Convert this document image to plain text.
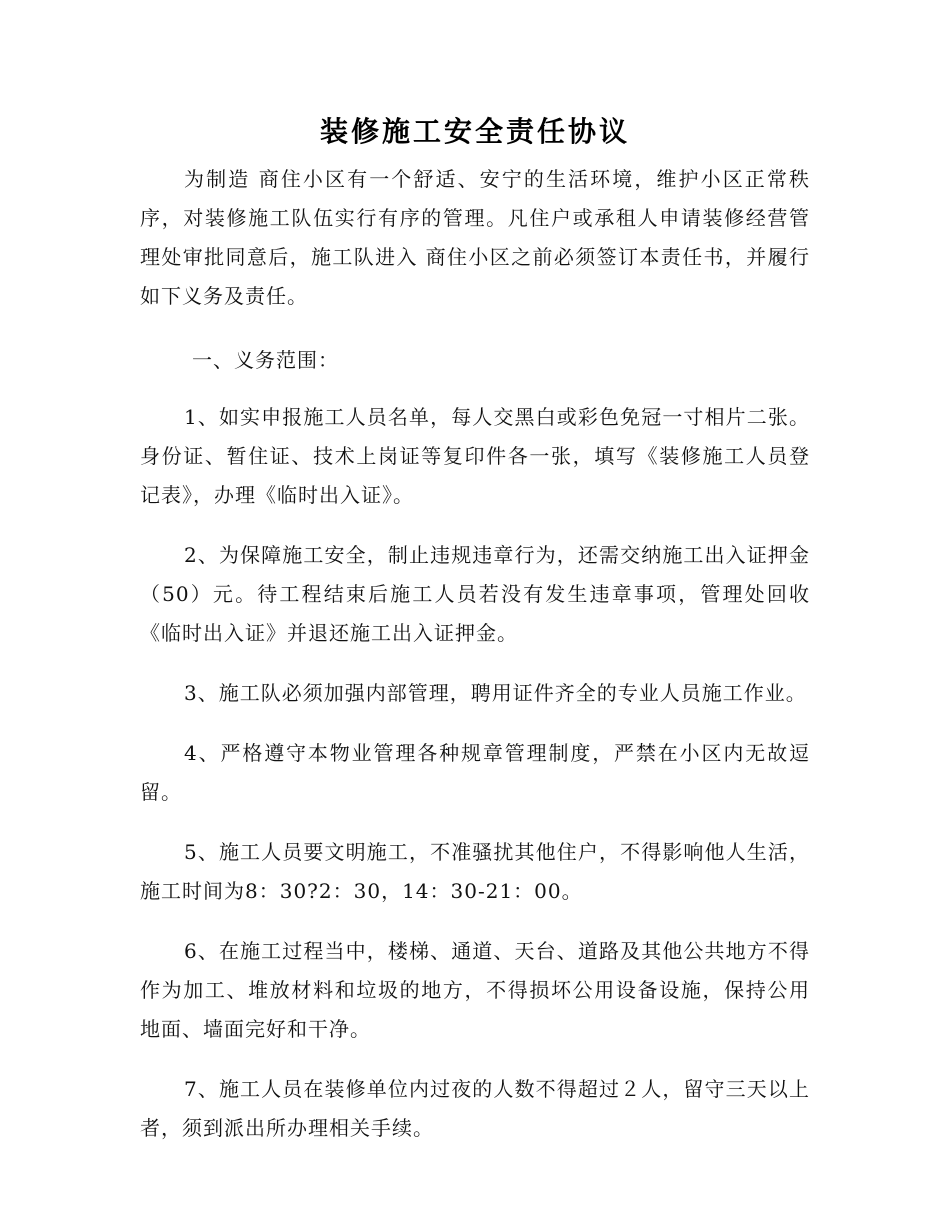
装修施工安全责任协议

为制造 商住小区有一个舒适、安宁的生活环境，维护小区正常秩序，对装修施工队伍实行有序的管理。凡住户或承租人申请装修经营管理处审批同意后，施工队进入 商住小区之前必须签订本责任书，并履行如下义务及责任。

一、义务范围：

1、如实申报施工人员名单，每人交黑白或彩色免冠一寸相片二张。身份证、暂住证、技术上岗证等复印件各一张，填写《装修施工人员登记表》，办理《临时出入证》。

2、为保障施工安全，制止违规违章行为，还需交纳施工出入证押金（50）元。待工程结束后施工人员若没有发生违章事项，管理处回收《临时出入证》并退还施工出入证押金。

3、施工队必须加强内部管理，聘用证件齐全的专业人员施工作业。

4、严格遵守本物业管理各种规章管理制度，严禁在小区内无故逗留。

5、施工人员要文明施工，不准骚扰其他住户，不得影响他人生活，施工时间为8：30?2：30，14：30-21：00。

6、在施工过程当中，楼梯、通道、天台、道路及其他公共地方不得作为加工、堆放材料和垃圾的地方，不得损坏公用设备设施，保持公用地面、墙面完好和干净。

7、施工人员在装修单位内过夜的人数不得超过２人，留守三天以上者，须到派出所办理相关手续。
